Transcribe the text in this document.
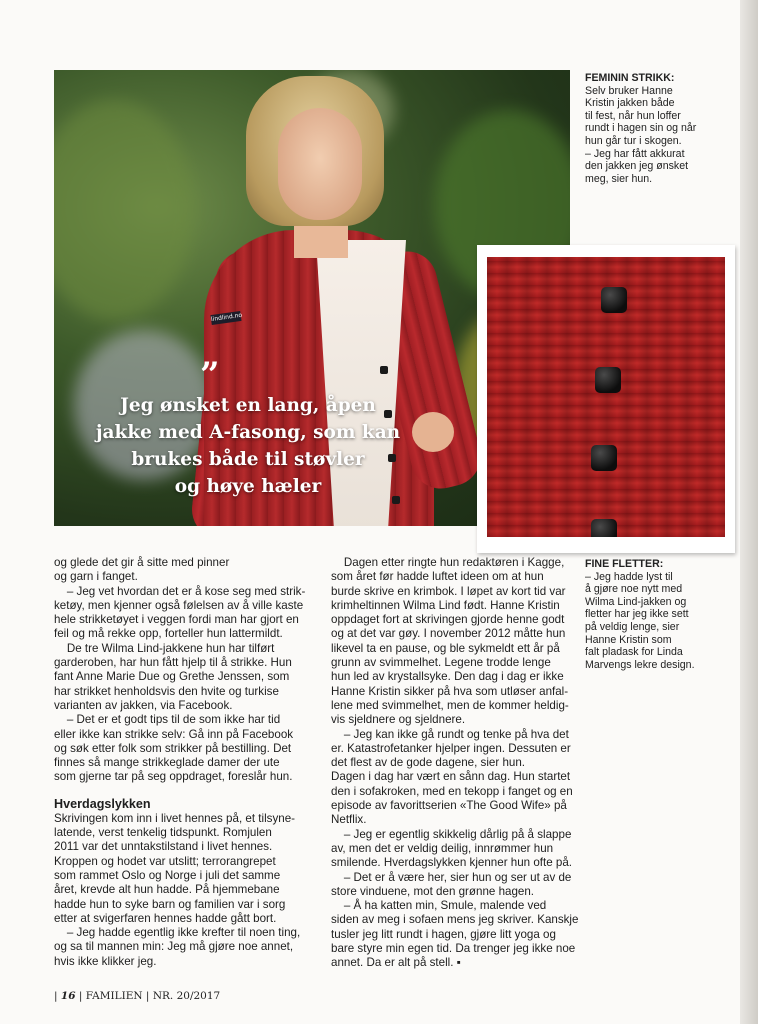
lindlind.no
”
Jeg ønsket en lang, åpen
jakke med A-fasong, som kan
brukes både til støvler
og høye hæler
FEMININ STRIKK:
Selv bruker Hanne
Kristin jakken både
til fest, når hun loffer
rundt i hagen sin og når
hun går tur i skogen.
– Jeg har fått akkurat
den jakken jeg ønsket
meg, sier hun.
FINE FLETTER:
– Jeg hadde lyst til
å gjøre noe nytt med
Wilma Lind-jakken og
fletter har jeg ikke sett
på veldig lenge, sier
Hanne Kristin som
falt pladask for Linda
Marvengs lekre design.

og glede det gir å sitte med pinner

og garn i fanget.

– Jeg vet hvordan det er å kose seg med strik-

ketøy, men kjenner også følelsen av å ville kaste

hele strikketøyet i veggen fordi man har gjort en

feil og må rekke opp, forteller hun lattermildt.

De tre Wilma Lind-jakkene hun har tilført

garderoben, har hun fått hjelp til å strikke. Hun

fant Anne Marie Due og Grethe Jenssen, som

har strikket henholdsvis den hvite og turkise

varianten av jakken, via Facebook.

– Det er et godt tips til de som ikke har tid

eller ikke kan strikke selv: Gå inn på Facebook

og søk etter folk som strikker på bestilling. Det

finnes så mange strikkeglade damer der ute

som gjerne tar på seg oppdraget, foreslår hun.

Hverdagslykken

Skrivingen kom inn i livet hennes på, et tilsyne-

latende, verst tenkelig tidspunkt. Romjulen

2011 var det unntakstilstand i livet hennes.

Kroppen og hodet var utslitt; terrorangrepet

som rammet Oslo og Norge i juli det samme

året, krevde alt hun hadde. På hjemmebane

hadde hun to syke barn og familien var i sorg

etter at svigerfaren hennes hadde gått bort.

– Jeg hadde egentlig ikke krefter til noen ting,

og sa til mannen min: Jeg må gjøre noe annet,

hvis ikke klikker jeg.

Dagen etter ringte hun redaktøren i Kagge,

som året før hadde luftet ideen om at hun

burde skrive en krimbok. I løpet av kort tid var

krimheltinnen Wilma Lind født. Hanne Kristin

oppdaget fort at skrivingen gjorde henne godt

og at det var gøy. I november 2012 måtte hun

likevel ta en pause, og ble sykmeldt ett år på

grunn av svimmelhet. Legene trodde lenge

hun led av krystallsyke. Den dag i dag er ikke

Hanne Kristin sikker på hva som utløser anfal-

lene med svimmelhet, men de kommer heldig-

vis sjeldnere og sjeldnere.

– Jeg kan ikke gå rundt og tenke på hva det

er. Katastrofetanker hjelper ingen. Dessuten er

det flest av de gode dagene, sier hun.

Dagen i dag har vært en sånn dag. Hun startet

den i sofakroken, med en tekopp i fanget og en

episode av favorittserien «The Good Wife» på

Netflix.

– Jeg er egentlig skikkelig dårlig på å slappe

av, men det er veldig deilig, innrømmer hun

smilende. Hverdagslykken kjenner hun ofte på.

– Det er å være her, sier hun og ser ut av de

store vinduene, mot den grønne hagen.

– Å ha katten min, Smule, malende ved

siden av meg i sofaen mens jeg skriver. Kanskje

tusler jeg litt rundt i hagen, gjøre litt yoga og

bare styre min egen tid. Da trenger jeg ikke noe

annet. Da er alt på stell. ▪

| 16 | FAMILIEN | NR. 20/2017
